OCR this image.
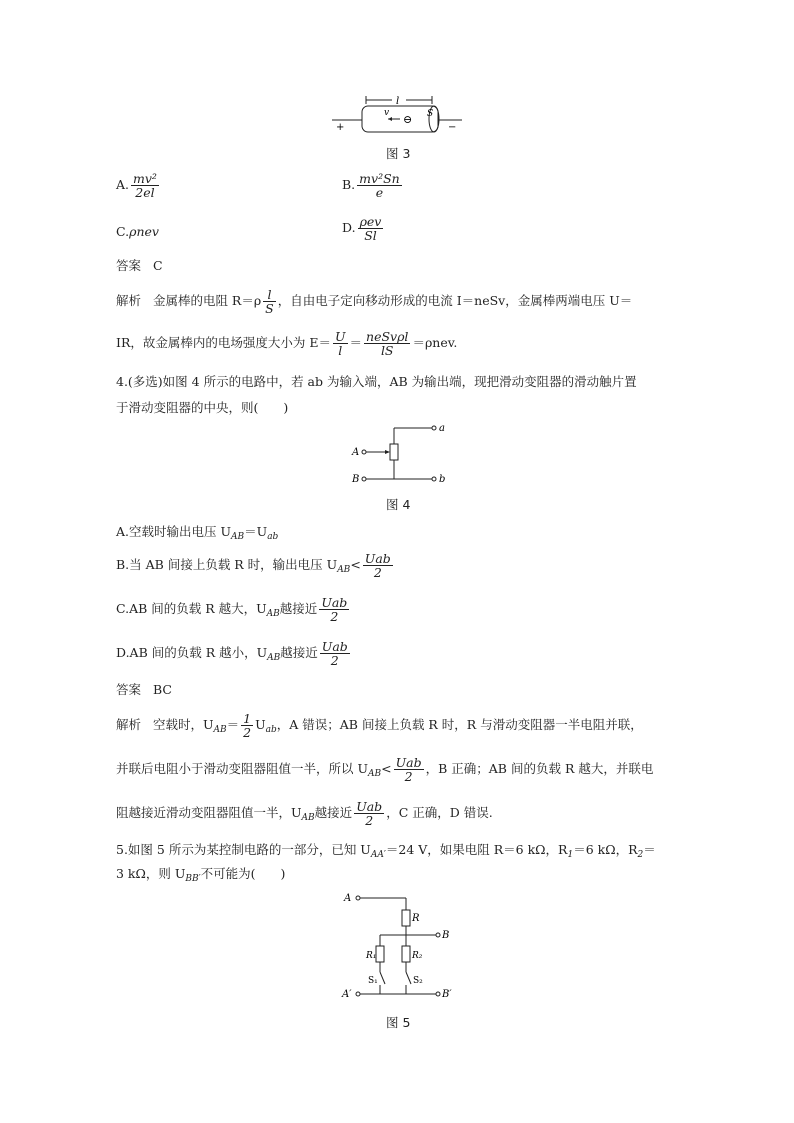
l
v ⊖ S
+	−
图 3
A. $\frac{\text{mv²}}{2el}$	B. $\frac{\text{mv²Sn}}{e}$
C.ρnev	D. $\frac{\text{ρev}}{Sl}$
答案 C
解析 金属棒的电阻 $R=\rho \frac{l}{S}$ ，自由电子定向移动形成的电流 I＝neSv，金属棒两端电压 U＝
IR，故金属棒内的电场强度大小为 $E= \frac{U}{l} = \frac{\text{neSvρl}}{lS} =\rho nev$.
4.(多选)如图 4 所示的电路中，若 ab 为输入端，AB 为输出端，现把滑动变阻器的滑动触片置
于滑动变阻器的中央，则(　　)
a
A
B	b
图 4
A.空载时输出电压 $U_{AB}=U_{ab}$
B.当 AB 间接上负载 R 时，输出电压 $U_{AB}< \frac{\text{Uab}}{2}$
C.AB 间的负载 R 越大，$U_{AB}$越接近 $\frac{\text{Uab}}{2}$
D.AB 间的负载 R 越小，$U_{AB}$越接近 $\frac{\text{Uab}}{2}$
答案 BC
解析 空载时，$U_{AB}= \frac{1}{2} U_{ab}$，A 错误；AB 间接上负载 R 时，R 与滑动变阻器一半电阻并联，
并联后电阻小于滑动变阻器阻值一半，所以 $U_{AB}< \frac{\text{Uab}}{2}$ ，B 正确；AB 间的负载 R 越大，并联电
阻越接近滑动变阻器阻值一半，$U_{AB}$越接近 $\frac{\text{Uab}}{2}$ ，C 正确，D 错误.
5.如图 5 所示为某控制电路的一部分，已知 $U_{AA'}=24$ V，如果电阻 R＝6 kΩ，$R_1=6$ kΩ，$R_2=$
3 kΩ，则 $U_{BB'}$不可能为(　　)
A
R
B
R₁	R₂
S₁	S₂
A′	B′
图 5
